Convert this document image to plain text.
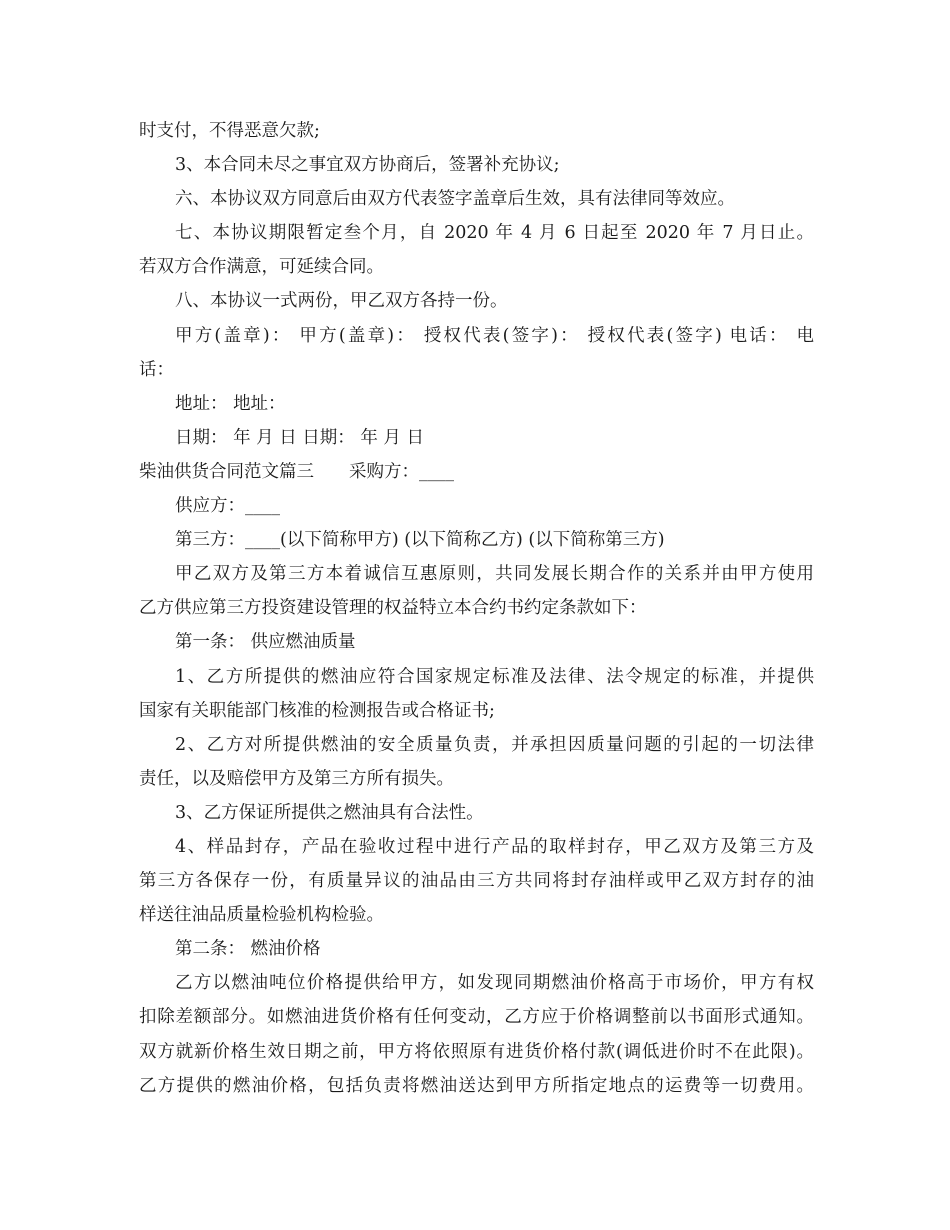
时支付，不得恶意欠款;
3、本合同未尽之事宜双方协商后，签署补充协议;
六、本协议双方同意后由双方代表签字盖章后生效，具有法律同等效应。
七、本协议期限暂定叁个月，自 2020 年 4 月 6 日起至 2020 年 7 月日止。
若双方合作满意，可延续合同。
八、本协议一式两份，甲乙双方各持一份。
甲方(盖章)： 甲方(盖章)： 授权代表(签字)： 授权代表(签字) 电话： 电
话：
地址： 地址：
日期： 年 月 日 日期： 年 月 日
柴油供货合同范文篇三　　采购方：____
供应方：____
第三方：____(以下简称甲方) (以下简称乙方) (以下简称第三方)
甲乙双方及第三方本着诚信互惠原则，共同发展长期合作的关系并由甲方使用
乙方供应第三方投资建设管理的权益特立本合约书约定条款如下：
第一条： 供应燃油质量
1、乙方所提供的燃油应符合国家规定标准及法律、法令规定的标准，并提供
国家有关职能部门核准的检测报告或合格证书;
2、乙方对所提供燃油的安全质量负责，并承担因质量问题的引起的一切法律
责任，以及赔偿甲方及第三方所有损失。
3、乙方保证所提供之燃油具有合法性。
4、样品封存，产品在验收过程中进行产品的取样封存，甲乙双方及第三方及
第三方各保存一份，有质量异议的油品由三方共同将封存油样或甲乙双方封存的油
样送往油品质量检验机构检验。
第二条： 燃油价格
乙方以燃油吨位价格提供给甲方，如发现同期燃油价格高于市场价，甲方有权
扣除差额部分。如燃油进货价格有任何变动，乙方应于价格调整前以书面形式通知。
双方就新价格生效日期之前，甲方将依照原有进货价格付款(调低进价时不在此限)。
乙方提供的燃油价格，包括负责将燃油送达到甲方所指定地点的运费等一切费用。
